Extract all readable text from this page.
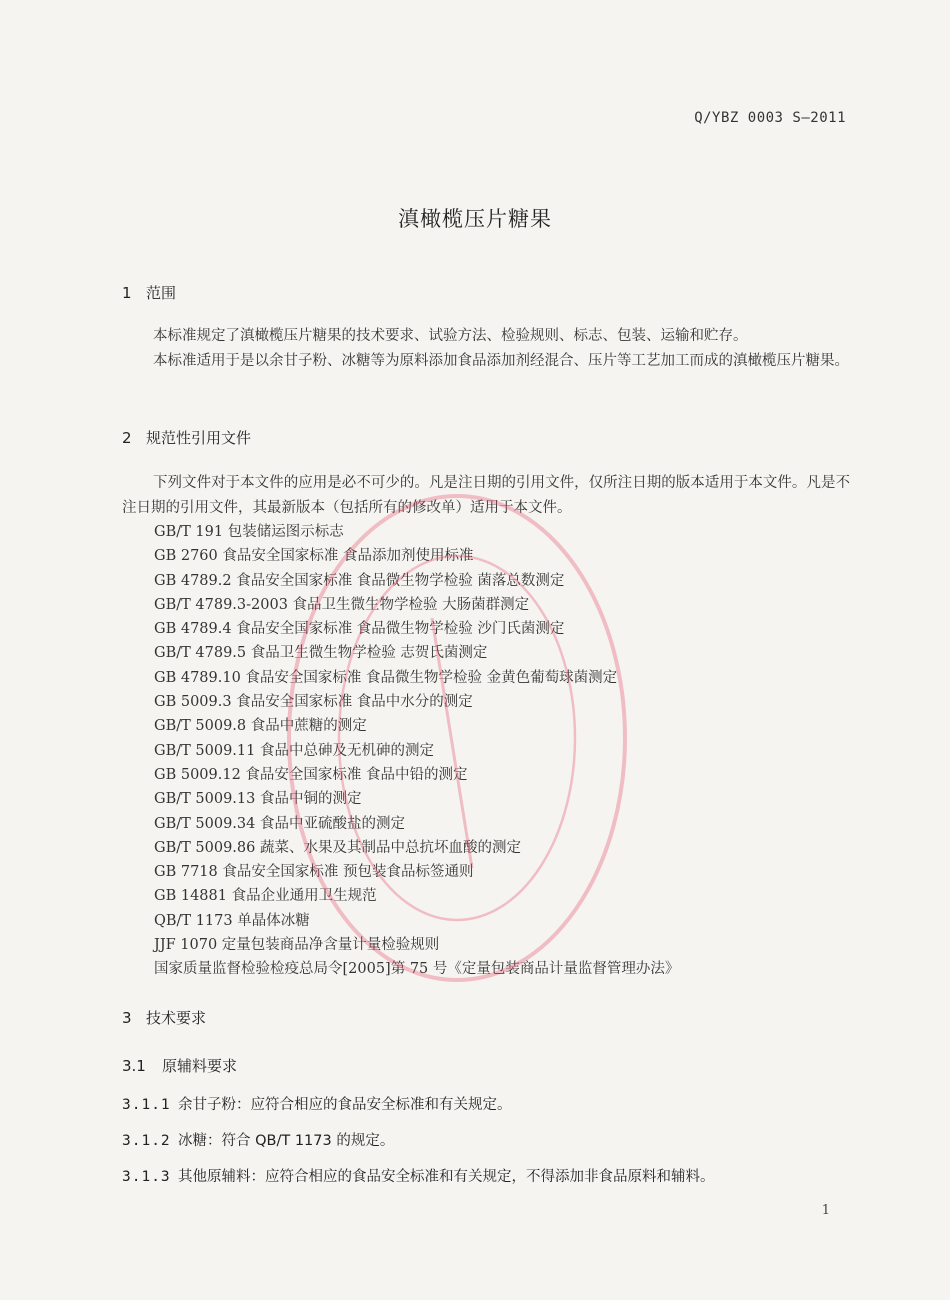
Q/YBZ 0003 S—2011
滇橄榄压片糖果
1 范围

本标准规定了滇橄榄压片糖果的技术要求、试验方法、检验规则、标志、包装、运输和贮存。

本标准适用于是以余甘子粉、冰糖等为原料添加食品添加剂经混合、压片等工艺加工而成的滇橄榄压片糖果。

2 规范性引用文件

下列文件对于本文件的应用是必不可少的。凡是注日期的引用文件，仅所注日期的版本适用于本文件。凡是不注日期的引用文件，其最新版本（包括所有的修改单）适用于本文件。

GB/T 191 包装储运图示标志
GB 2760 食品安全国家标准 食品添加剂使用标准
GB 4789.2 食品安全国家标准 食品微生物学检验 菌落总数测定
GB/T 4789.3-2003 食品卫生微生物学检验 大肠菌群测定
GB 4789.4 食品安全国家标准 食品微生物学检验 沙门氏菌测定
GB/T 4789.5 食品卫生微生物学检验 志贺氏菌测定
GB 4789.10 食品安全国家标准 食品微生物学检验 金黄色葡萄球菌测定
GB 5009.3 食品安全国家标准 食品中水分的测定
GB/T 5009.8 食品中蔗糖的测定
GB/T 5009.11 食品中总砷及无机砷的测定
GB 5009.12 食品安全国家标准 食品中铅的测定
GB/T 5009.13 食品中铜的测定
GB/T 5009.34 食品中亚硫酸盐的测定
GB/T 5009.86 蔬菜、水果及其制品中总抗坏血酸的测定
GB 7718 食品安全国家标准 预包装食品标签通则
GB 14881 食品企业通用卫生规范
QB/T 1173 单晶体冰糖
JJF 1070 定量包装商品净含量计量检验规则
国家质量监督检验检疫总局令[2005]第 75 号《定量包装商品计量监督管理办法》
3 技术要求
3.1 原辅料要求
3.1.1 余甘子粉：应符合相应的食品安全标准和有关规定。
3.1.2 冰糖：符合 QB/T 1173 的规定。
3.1.3 其他原辅料：应符合相应的食品安全标准和有关规定，不得添加非食品原料和辅料。
1
